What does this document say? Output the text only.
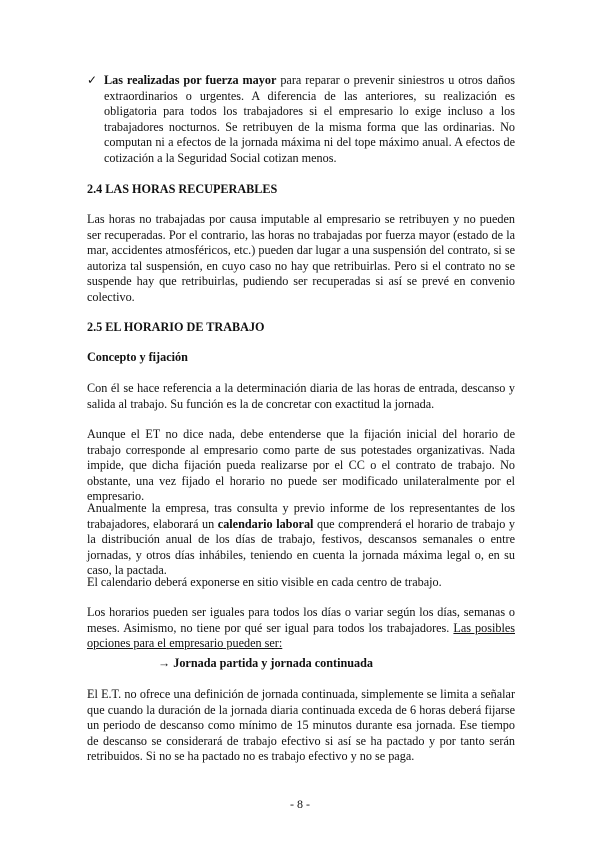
✓ Las realizadas por fuerza mayor para reparar o prevenir siniestros u otros daños extraordinarios o urgentes. A diferencia de las anteriores, su realización es obligatoria para todos los trabajadores si el empresario lo exige incluso a los trabajadores nocturnos. Se retribuyen de la misma forma que las ordinarias. No computan ni a efectos de la jornada máxima ni del tope máximo anual. A efectos de cotización a la Seguridad Social cotizan menos.

2.4 LAS HORAS RECUPERABLES

Las horas no trabajadas por causa imputable al empresario se retribuyen y no pueden ser recuperadas. Por el contrario, las horas no trabajadas por fuerza mayor (estado de la mar, accidentes atmosféricos, etc.) pueden dar lugar a una suspensión del contrato, si se autoriza tal suspensión, en cuyo caso no hay que retribuirlas. Pero si el contrato no se suspende hay que retribuirlas, pudiendo ser recuperadas si así se prevé en convenio colectivo.

2.5 EL HORARIO DE TRABAJO
Concepto y fijación

Con él se hace referencia a la determinación diaria de las horas de entrada, descanso y salida al trabajo. Su función es la de concretar con exactitud la jornada.

Aunque el ET no dice nada, debe entenderse que la fijación inicial del horario de trabajo corresponde al empresario como parte de sus potestades organizativas. Nada impide, que dicha fijación pueda realizarse por el CC o el contrato de trabajo. No obstante, una vez fijado el horario no puede ser modificado unilateralmente por el empresario.

Anualmente la empresa, tras consulta y previo informe de los representantes de los trabajadores, elaborará un calendario laboral que comprenderá el horario de trabajo y la distribución anual de los días de trabajo, festivos, descansos semanales o entre jornadas, y otros días inhábiles, teniendo en cuenta la jornada máxima legal o, en su caso, la pactada.

El calendario deberá exponerse en sitio visible en cada centro de trabajo.

Los horarios pueden ser iguales para todos los días o variar según los días, semanas o meses. Asimismo, no tiene por qué ser igual para todos los trabajadores. Las posibles opciones para el empresario pueden ser:

→ Jornada partida y jornada continuada

El E.T. no ofrece una definición de jornada continuada, simplemente se limita a señalar que cuando la duración de la jornada diaria continuada exceda de 6 horas deberá fijarse un periodo de descanso como mínimo de 15 minutos durante esa jornada. Ese tiempo de descanso se considerará de trabajo efectivo si así se ha pactado y por tanto serán retribuidos. Si no se ha pactado no es trabajo efectivo y no se paga.

- 8 -
